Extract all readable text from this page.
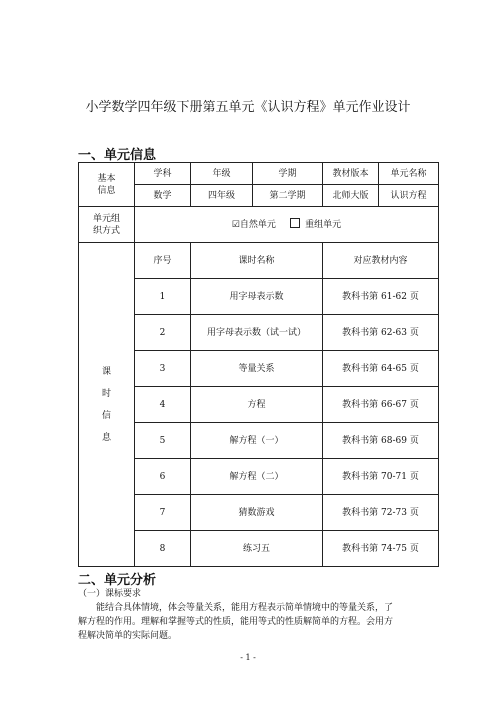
小学数学四年级下册第五单元《认识方程》单元作业设计
一、单元信息
基本
信息	学科	年级	学期	教材版本	单元名称
	数学	四年级	第二学期	北师大版	认识方程
单元组
织方式	☑自然单元 重组单元				

课
时
信
息	序号	课时名称		对应教材内容	
	1	用字母表示数		教科书第 61-62 页	
	2	用字母表示数（试一试）		教科书第 62-63 页	
	3	等量关系		教科书第 64-65 页	
	4	方程		教科书第 66-67 页	
	5	解方程（一）		教科书第 68-69 页	
	6	解方程（二）		教科书第 70-71 页	
	7	猜数游戏		教科书第 72-73 页	
	8	练习五		教科书第 74-75 页	
二、单元分析
（一）课标要求
能结合具体情境，体会等量关系，能用方程表示简单情境中的等量关系，了
解方程的作用。理解和掌握等式的性质，能用等式的性质解简单的方程。会用方
程解决简单的实际问题。
- 1 -
